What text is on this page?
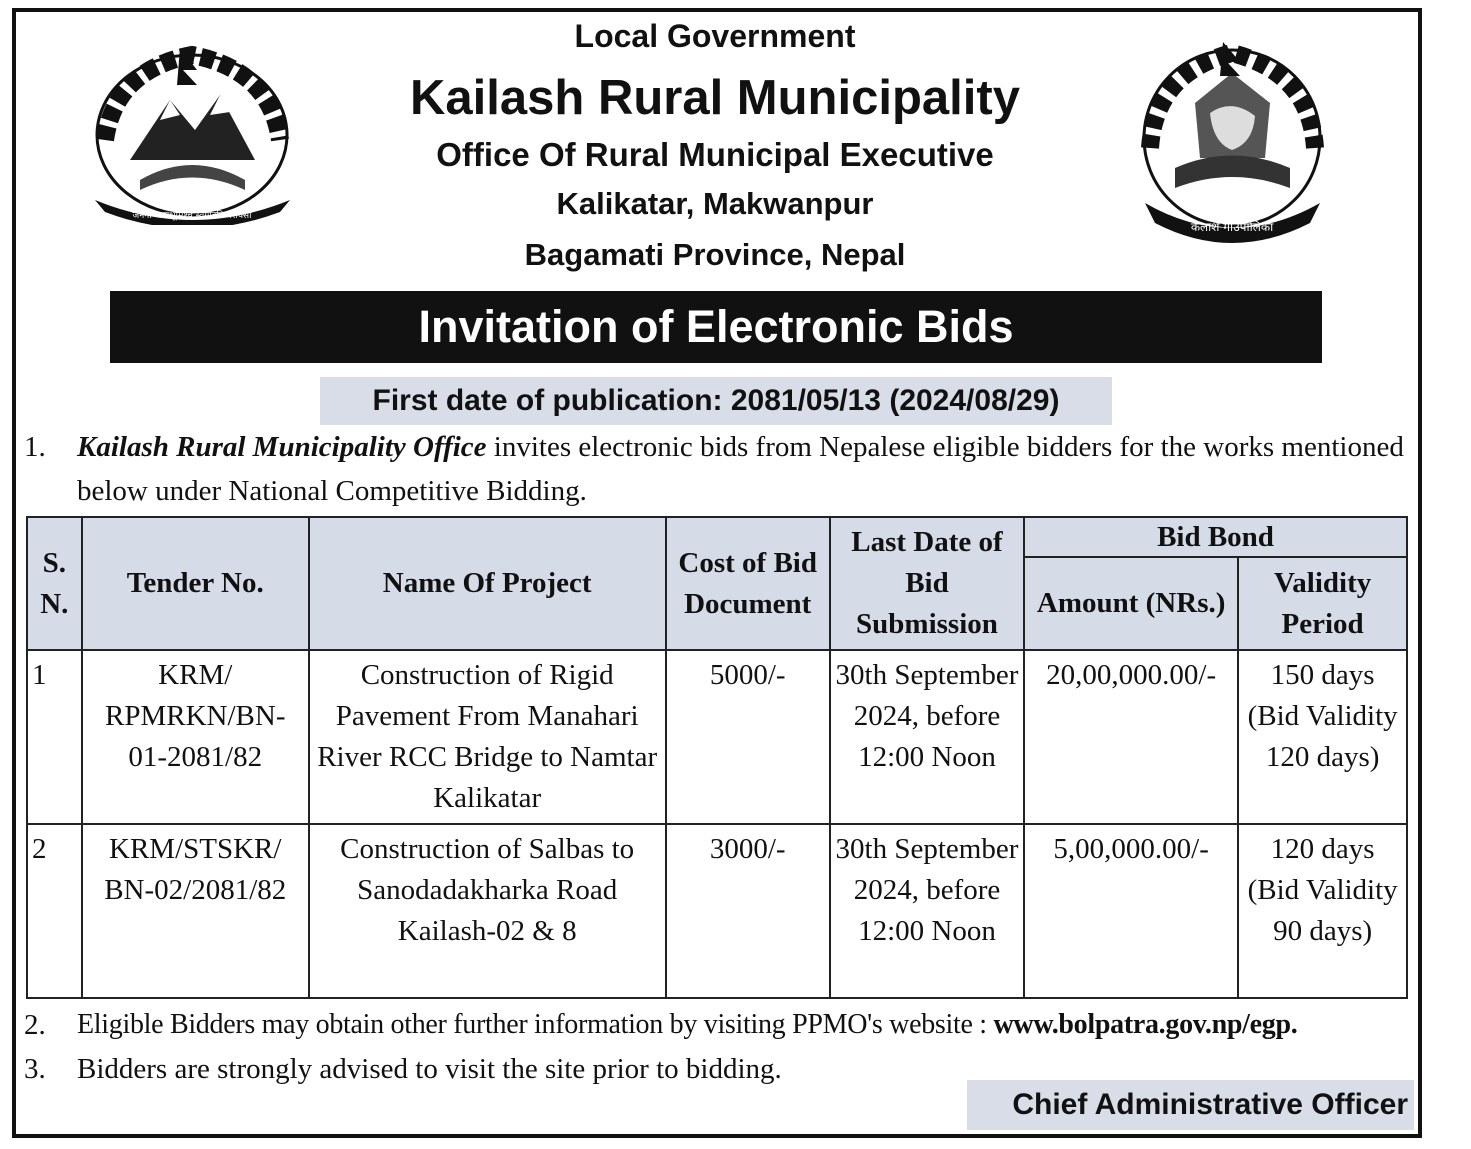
जननी जन्मभूमिश्च स्वर्गादपि गरीयसी
कैलाश गाउँपालिका
Local Government
Kailash Rural Municipality
Office Of Rural Municipal Executive
Kalikatar, Makwanpur
Bagamati Province, Nepal
Invitation of Electronic Bids
First date of publication: 2081/05/13 (2024/08/29)
1. Kailash Rural Municipality Office invites electronic bids from Nepalese eligible bidders for the works mentioned below under National Competitive Bidding.
S. N.	Tender No.	Name Of Project	Cost of Bid Document	Last Date of Bid Submission	Bid Bond	
					Amount (NRs.)	Validity Period
1	KRM/ RPMRKN/BN-01-2081/82	Construction of Rigid Pavement From Manahari River RCC Bridge to Namtar Kalikatar	5000/-	30th September 2024, before 12:00 Noon	20,00,000.00/-	150 days (Bid Validity 120 days)
2	KRM/STSKR/ BN-02/2081/82	Construction of Salbas to Sanodadakharka Road Kailash-02 & 8	3000/-	30th September 2024, before 12:00 Noon	5,00,000.00/-	120 days (Bid Validity 90 days)
2. Eligible Bidders may obtain other further information by visiting PPMO's website : www.bolpatra.gov.np/egp.
3. Bidders are strongly advised to visit the site prior to bidding.
Chief Administrative Officer
